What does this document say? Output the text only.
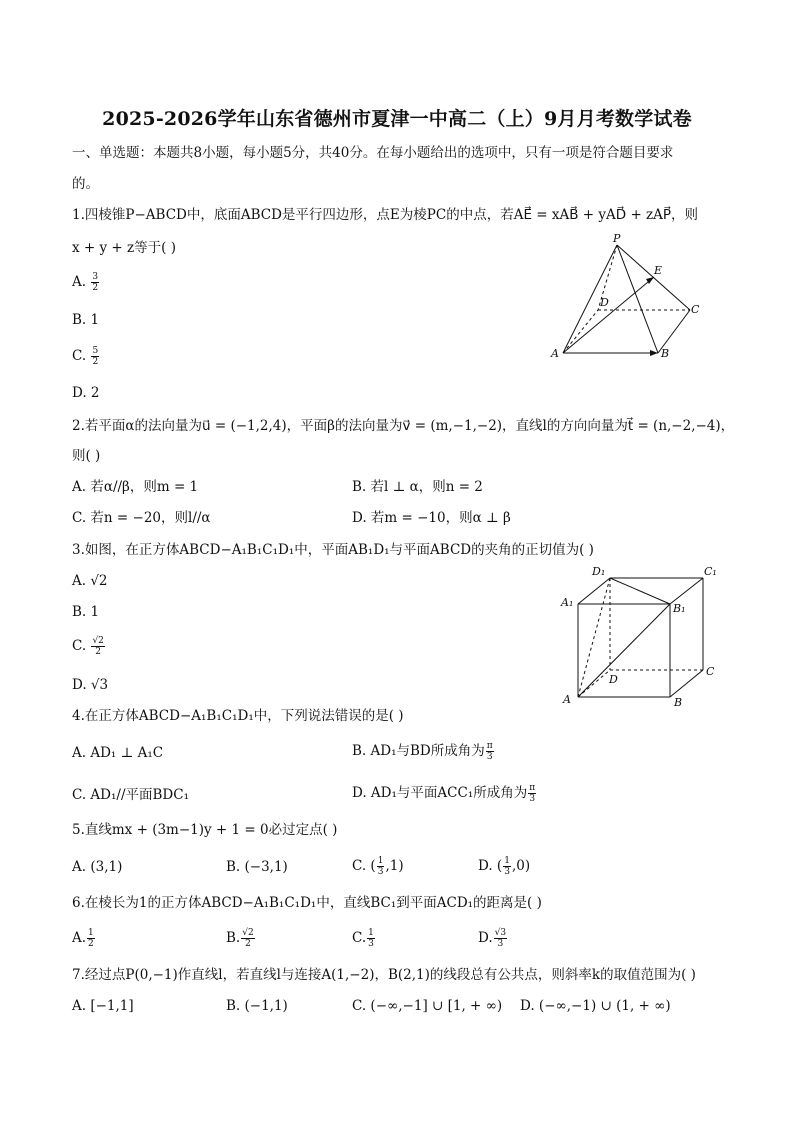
2025-2026学年山东省德州市夏津一中高二（上）9月月考数学试卷
一、单选题：本题共8小题，每小题5分，共40分。在每小题给出的选项中，只有一项是符合题目要求
的。
1.四棱锥P−ABCD中，底面ABCD是平行四边形，点E为棱PC的中点，若AE⃗ = xAB⃗ + yAD⃗ + zAP⃗，则
x + y + z等于( )
A. $\frac{3}{2}$
B. 1
C. $\frac{5}{2}$
D. 2
P
E
D
C
A	B
2.若平面α的法向量为u⃗ = (−1,2,4)，平面β的法向量为v⃗ = (m,−1,−2)，直线l的方向向量为t⃗ = (n,−2,−4)，
则( )
A. 若α//β，则m = 1	B. 若l ⊥ α，则n = 2
C. 若n = −20，则l//α	D. 若m = −10，则α ⊥ β
3.如图，在正方体ABCD−A₁B₁C₁D₁中，平面AB₁D₁与平面ABCD的夹角的正切值为( )
A. √2
B. 1
C. $\frac{√2}{2}$
D. √3
D₁	C₁
A₁	B₁
D
C
A	B
4.在正方体ABCD−A₁B₁C₁D₁中，下列说法错误的是( )
A. AD₁ ⊥ A₁C	B. AD₁与BD所成角为 $\frac{\pi}{3}$
C. AD₁//平面BDC₁	D. AD₁与平面ACC₁所成角为 $\frac{\pi}{3}$
5.直线mx + (3m−1)y + 1 = 0必过定点( )
A. (3,1)	B. (−3,1)	C. ( $\frac{1}{3} ,1$)	D. ( $\frac{1}{3} ,0$)
6.在棱长为1的正方体ABCD−A₁B₁C₁D₁中，直线BC₁到平面ACD₁的距离是( )
A. $\frac{1}{2}$	B. $\frac{√2}{2}$	C. $\frac{1}{3}$	D. $\frac{√3}{3}$
7.经过点P(0,−1)作直线l，若直线l与连接A(1,−2)，B(2,1)的线段总有公共点，则斜率k的取值范围为( )
A. [−1,1]	B. (−1,1)	C. (−∞,−1] ∪ [1, + ∞) D. (−∞,−1) ∪ (1, + ∞)
